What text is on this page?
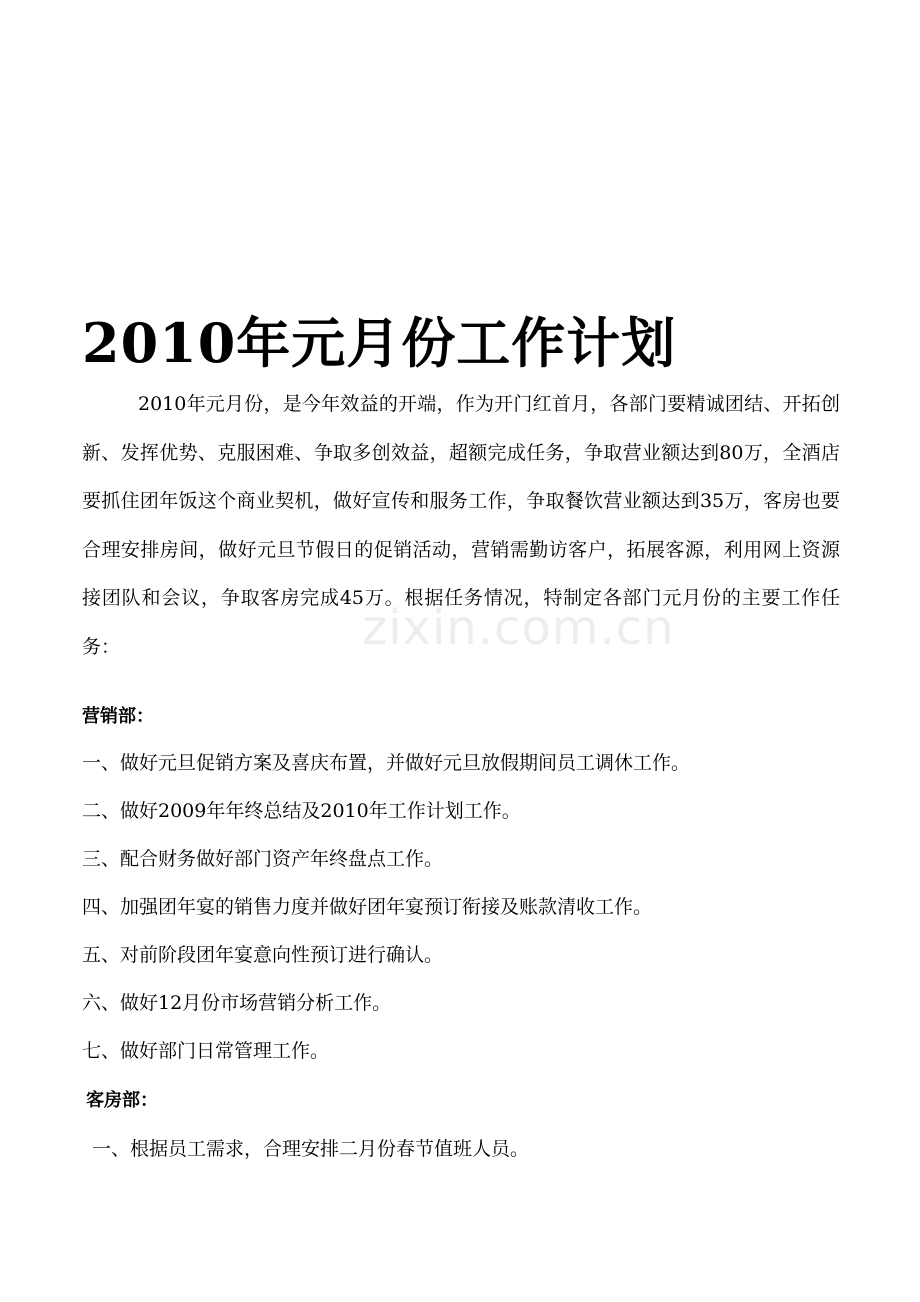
2010年元月份工作计划

2010年元月份，是今年效益的开端，作为开门红首月，各部门要精诚团结、开拓创新、发挥优势、克服困难、争取多创效益，超额完成任务，争取营业额达到80万，全酒店要抓住团年饭这个商业契机，做好宣传和服务工作，争取餐饮营业额达到35万，客房也要合理安排房间，做好元旦节假日的促销活动，营销需勤访客户，拓展客源，利用网上资源接团队和会议，争取客房完成45万。根据任务情况，特制定各部门元月份的主要工作任务：	zixin.com.cn
营销部：

一、做好元旦促销方案及喜庆布置，并做好元旦放假期间员工调休工作。

二、做好2009年年终总结及2010年工作计划工作。

三、配合财务做好部门资产年终盘点工作。

四、加强团年宴的销售力度并做好团年宴预订衔接及账款清收工作。

五、对前阶段团年宴意向性预订进行确认。

六、做好12月份市场营销分析工作。

七、做好部门日常管理工作。

客房部：

一、根据员工需求，合理安排二月份春节值班人员。
